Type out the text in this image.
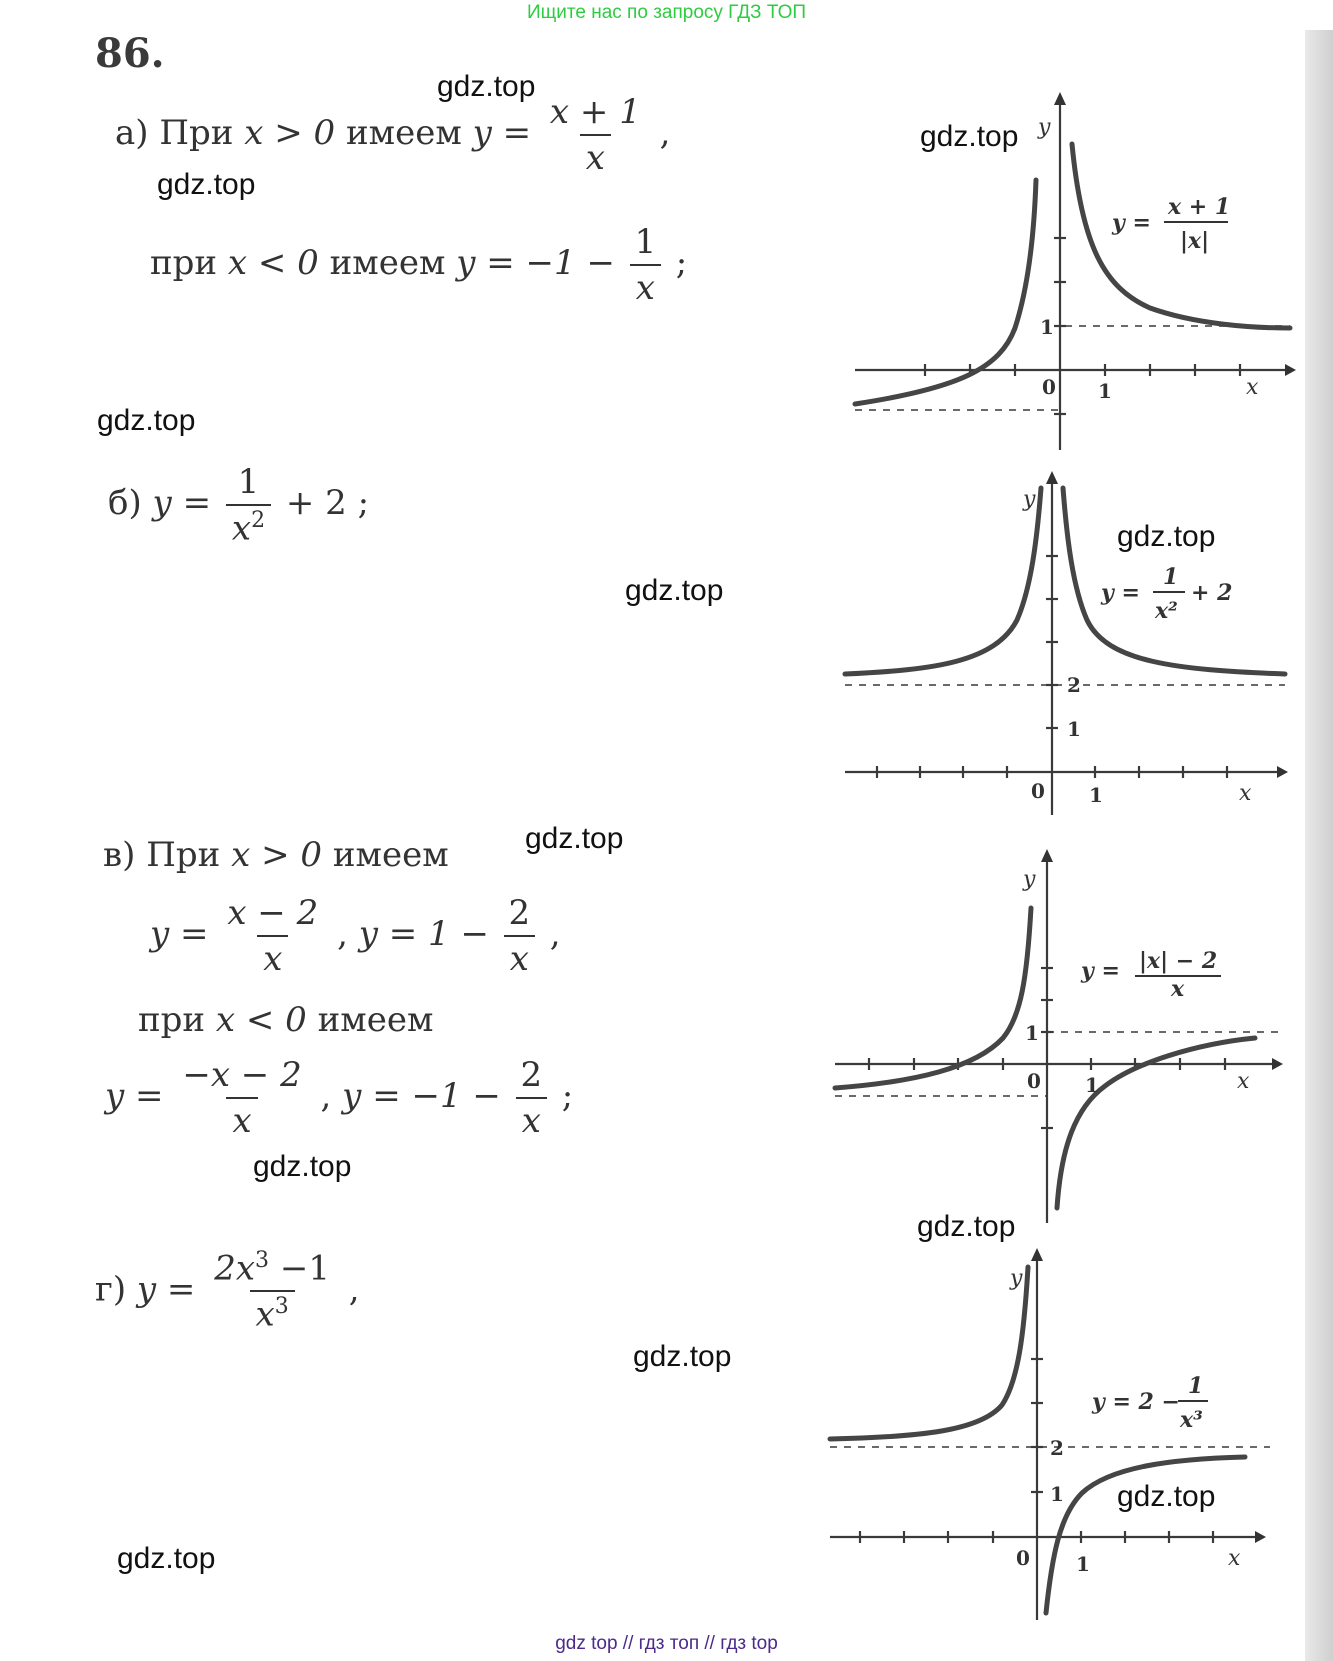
Ищите нас по запросу ГДЗ ТОП
86.
gdz.top
gdz.top
gdz.top
gdz.top
gdz.top
gdz.top
gdz.top
gdz.top
gdz.top
gdz.top
gdz.top
gdz.top
а) При x > 0 имеем $y = \frac{x + 1}{x}$ ,
при x < 0 имеем $y = -1 - \frac{1}{x}$ ;
б) $y = \frac{1}{x^2} + 2$ ;
в) При x > 0 имеем
$y = \frac{x - 2}{x}$ , $y = 1 - \frac{2}{x}$ ,
при x < 0 имеем
$y = \frac{-x - 2}{x}$ , $y = -1 - \frac{2}{x}$ ;
г) $y = \frac{2x^3 -1}{x^3}$ ,
y
x
0 1
1
y =
x + 1
|x|
y
x
0 1
1
2
y =
1
x²
+ 2
y
x
0 1
1
y = |x| − 2
x
y
x
0 1
1
2
y = 2 −
1
x³
gdz top // гдз топ // гдз top
